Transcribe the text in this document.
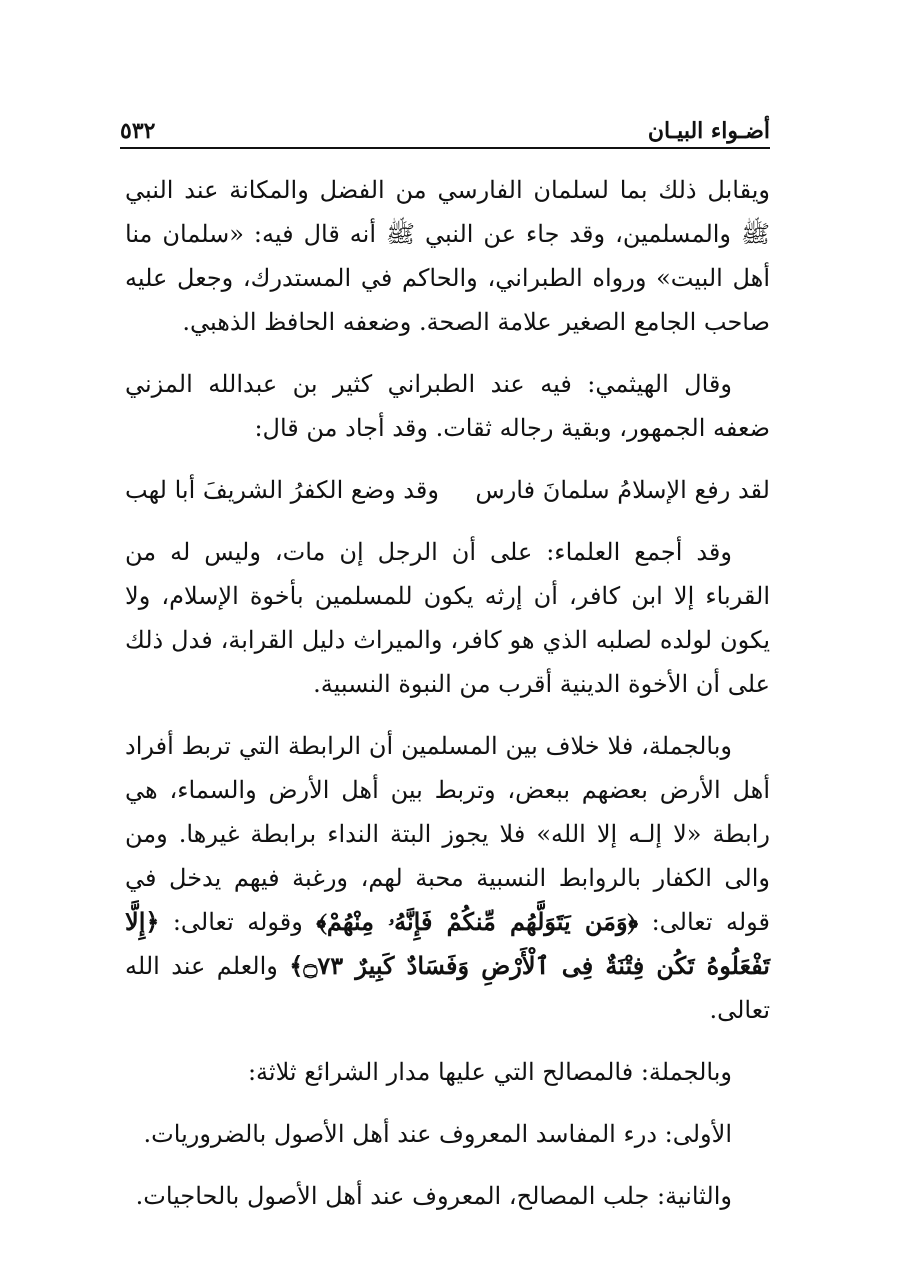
أضـواء البيـان
٥٣٢

ويقابل ذلك بما لسلمان الفارسي من الفضل والمكانة عند النبي ﷺ والمسلمين، وقد جاء عن النبي ﷺ أنه قال فيه: «سلمان منا أهل البيت» ورواه الطبراني، والحاكم في المستدرك، وجعل عليه صاحب الجامع الصغير علامة الصحة. وضعفه الحافظ الذهبي.

وقال الهيثمي: فيه عند الطبراني كثير بن عبدالله المزني ضعفه الجمهور، وبقية رجاله ثقات. وقد أجاد من قال:

لقد رفع الإسلامُ سلمانَ فارس
وقد وضع الكفرُ الشريفَ أبا لهب

وقد أجمع العلماء: على أن الرجل إن مات، وليس له من القرباء إلا ابن كافر، أن إرثه يكون للمسلمين بأخوة الإسلام، ولا يكون لولده لصلبه الذي هو كافر، والميراث دليل القرابة، فدل ذلك على أن الأخوة الدينية أقرب من النبوة النسبية.

وبالجملة، فلا خلاف بين المسلمين أن الرابطة التي تربط أفراد أهل الأرض بعضهم ببعض، وتربط بين أهل الأرض والسماء، هي رابطة «لا إلـه إلا الله» فلا يجوز البتة النداء برابطة غيرها. ومن والى الكفار بالروابط النسبية محبة لهم، ورغبة فيهم يدخل في قوله تعالى: ﴿وَمَن يَتَوَلَّهُم مِّنكُمْ فَإِنَّهُۥ مِنْهُمْ﴾ وقوله تعالى: ﴿إِلَّا تَفْعَلُوهُ تَكُن فِتْنَةٌ فِى ٱلْأَرْضِ وَفَسَادٌ كَبِيرٌ ۝٧٣﴾ والعلم عند الله تعالى.

وبالجملة: فالمصالح التي عليها مدار الشرائع ثلاثة:

الأولى: درء المفاسد المعروف عند أهل الأصول بالضروريات.

والثانية: جلب المصالح، المعروف عند أهل الأصول بالحاجيات.
